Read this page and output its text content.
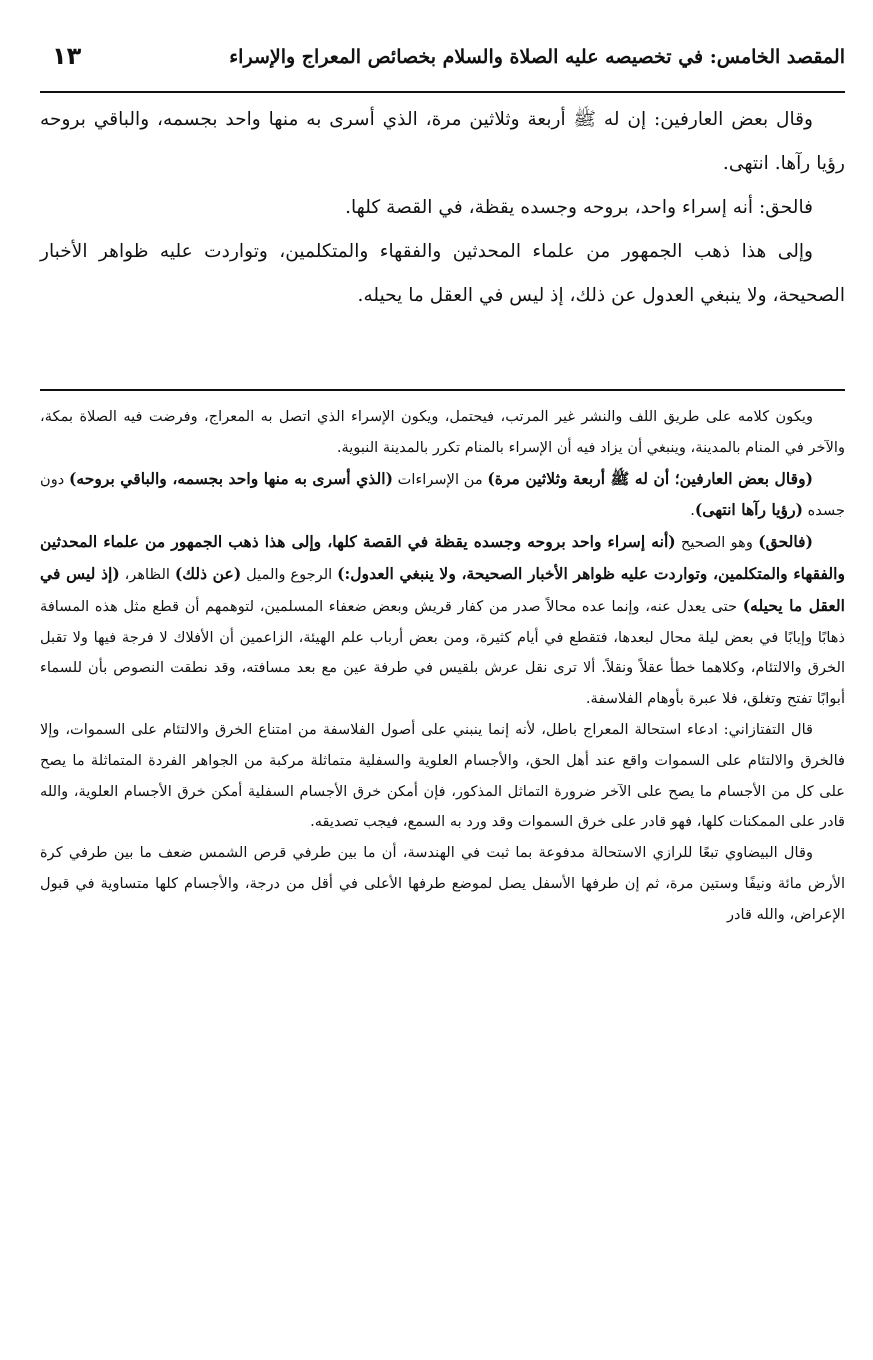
المقصد الخامس: في تخصيصه عليه الصلاة والسلام بخصائص المعراج والإسراء
١٣

وقال بعض العارفين: إن له ﷺ أربعة وثلاثين مرة، الذي أسرى به منها واحد بجسمه، والباقي بروحه رؤيا رآها. انتهى.

فالحق: أنه إسراء واحد، بروحه وجسده يقظة، في القصة كلها.

وإلى هذا ذهب الجمهور من علماء المحدثين والفقهاء والمتكلمين، وتواردت عليه ظواهر الأخبار الصحيحة، ولا ينبغي العدول عن ذلك، إذ ليس في العقل ما يحيله.

ويكون كلامه على طريق اللف والنشر غير المرتب، فيحتمل، ويكون الإسراء الذي اتصل به المعراج، وفرضت فيه الصلاة بمكة، والآخر في المنام بالمدينة، وينبغي أن يزاد فيه أن الإسراء بالمنام تكرر بالمدينة النبوية.

(وقال بعض العارفين؛ أن له ﷺ أربعة وثلاثين مرة) من الإسراءات (الذي أسرى به منها واحد بجسمه، والباقي بروحه) دون جسده (رؤيا رآها انتهى).

(فالحق) وهو الصحيح (أنه إسراء واحد بروحه وجسده يقظة في القصة كلها، وإلى هذا ذهب الجمهور من علماء المحدثين والفقهاء والمتكلمين، وتواردت عليه ظواهر الأخبار الصحيحة، ولا ينبغي العدول:) الرجوع والميل (عن ذلك) الظاهر، (إذ ليس في العقل ما يحيله) حتى يعدل عنه، وإنما عده محالاً صدر من كفار قريش وبعض ضعفاء المسلمين، لتوهمهم أن قطع مثل هذه المسافة ذهابًا وإيابًا في بعض ليلة محال لبعدها، فتقطع في أيام كثيرة، ومن بعض أرباب علم الهيئة، الزاعمين أن الأفلاك لا فرجة فيها ولا تقبل الخرق والالتئام، وكلاهما خطأ عقلاً ونقلاً. ألا ترى نقل عرش بلقيس في طرفة عين مع بعد مسافته، وقد نطقت النصوص بأن للسماء أبوابًا تفتح وتغلق، فلا عبرة بأوهام الفلاسفة.

قال التفتازاني: ادعاء استحالة المعراج باطل، لأنه إنما ينبني على أصول الفلاسفة من امتناع الخرق والالتئام على السموات، وإلا فالخرق والالتئام على السموات واقع عند أهل الحق، والأجسام العلوية والسفلية متماثلة مركبة من الجواهر الفردة المتماثلة ما يصح على كل من الأجسام ما يصح على الآخر ضرورة التماثل المذكور، فإن أمكن خرق الأجسام السفلية أمكن خرق الأجسام العلوية، والله قادر على الممكنات كلها، فهو قادر على خرق السموات وقد ورد به السمع، فيجب تصديقه.

وقال البيضاوي تبعًا للرازي الاستحالة مدفوعة بما ثبت في الهندسة، أن ما بين طرفي قرص الشمس ضعف ما بين طرفي كرة الأرض مائة ونيفًا وستين مرة، ثم إن طرفها الأسفل يصل لموضع طرفها الأعلى في أقل من درجة، والأجسام كلها متساوية في قبول الإعراض، والله قادر
